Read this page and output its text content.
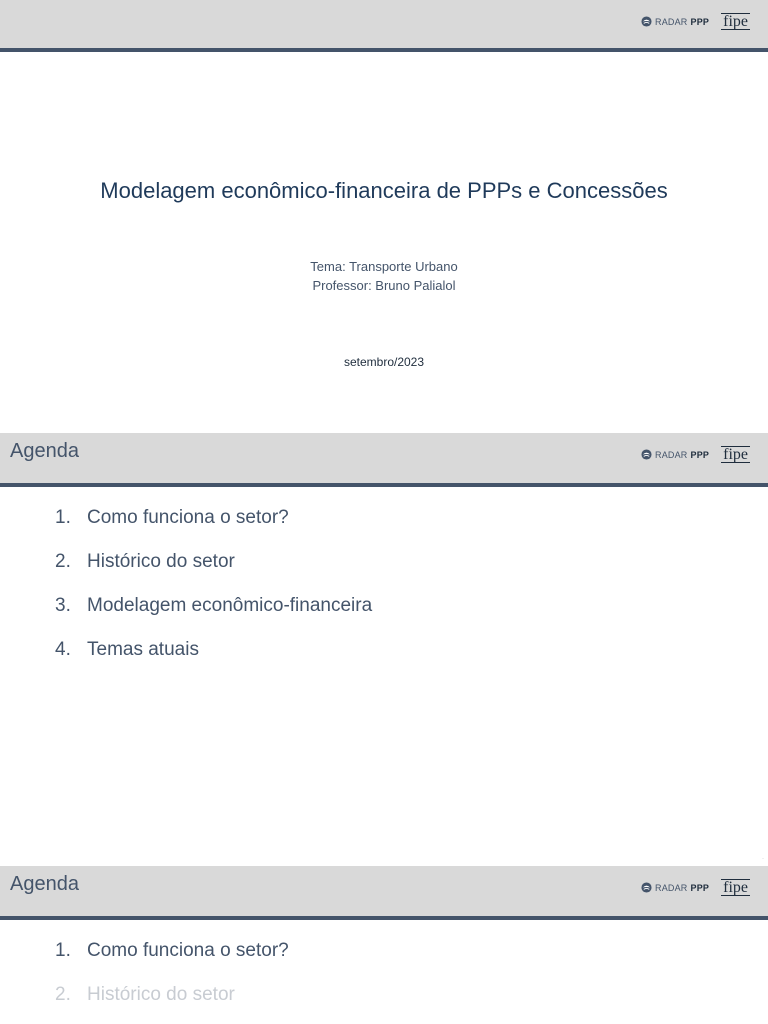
RADAR PPP fipe
Modelagem econômico-financeira de PPPs e Concessões
Tema: Transporte Urbano
Professor: Bruno Palialol
setembro/2023
Agenda	RADAR PPP fipe
1. Como funciona o setor?
2. Histórico do setor
3. Modelagem econômico-financeira
4. Temas atuais
·
Agenda	RADAR PPP fipe
1. Como funciona o setor?
2. Histórico do setor
